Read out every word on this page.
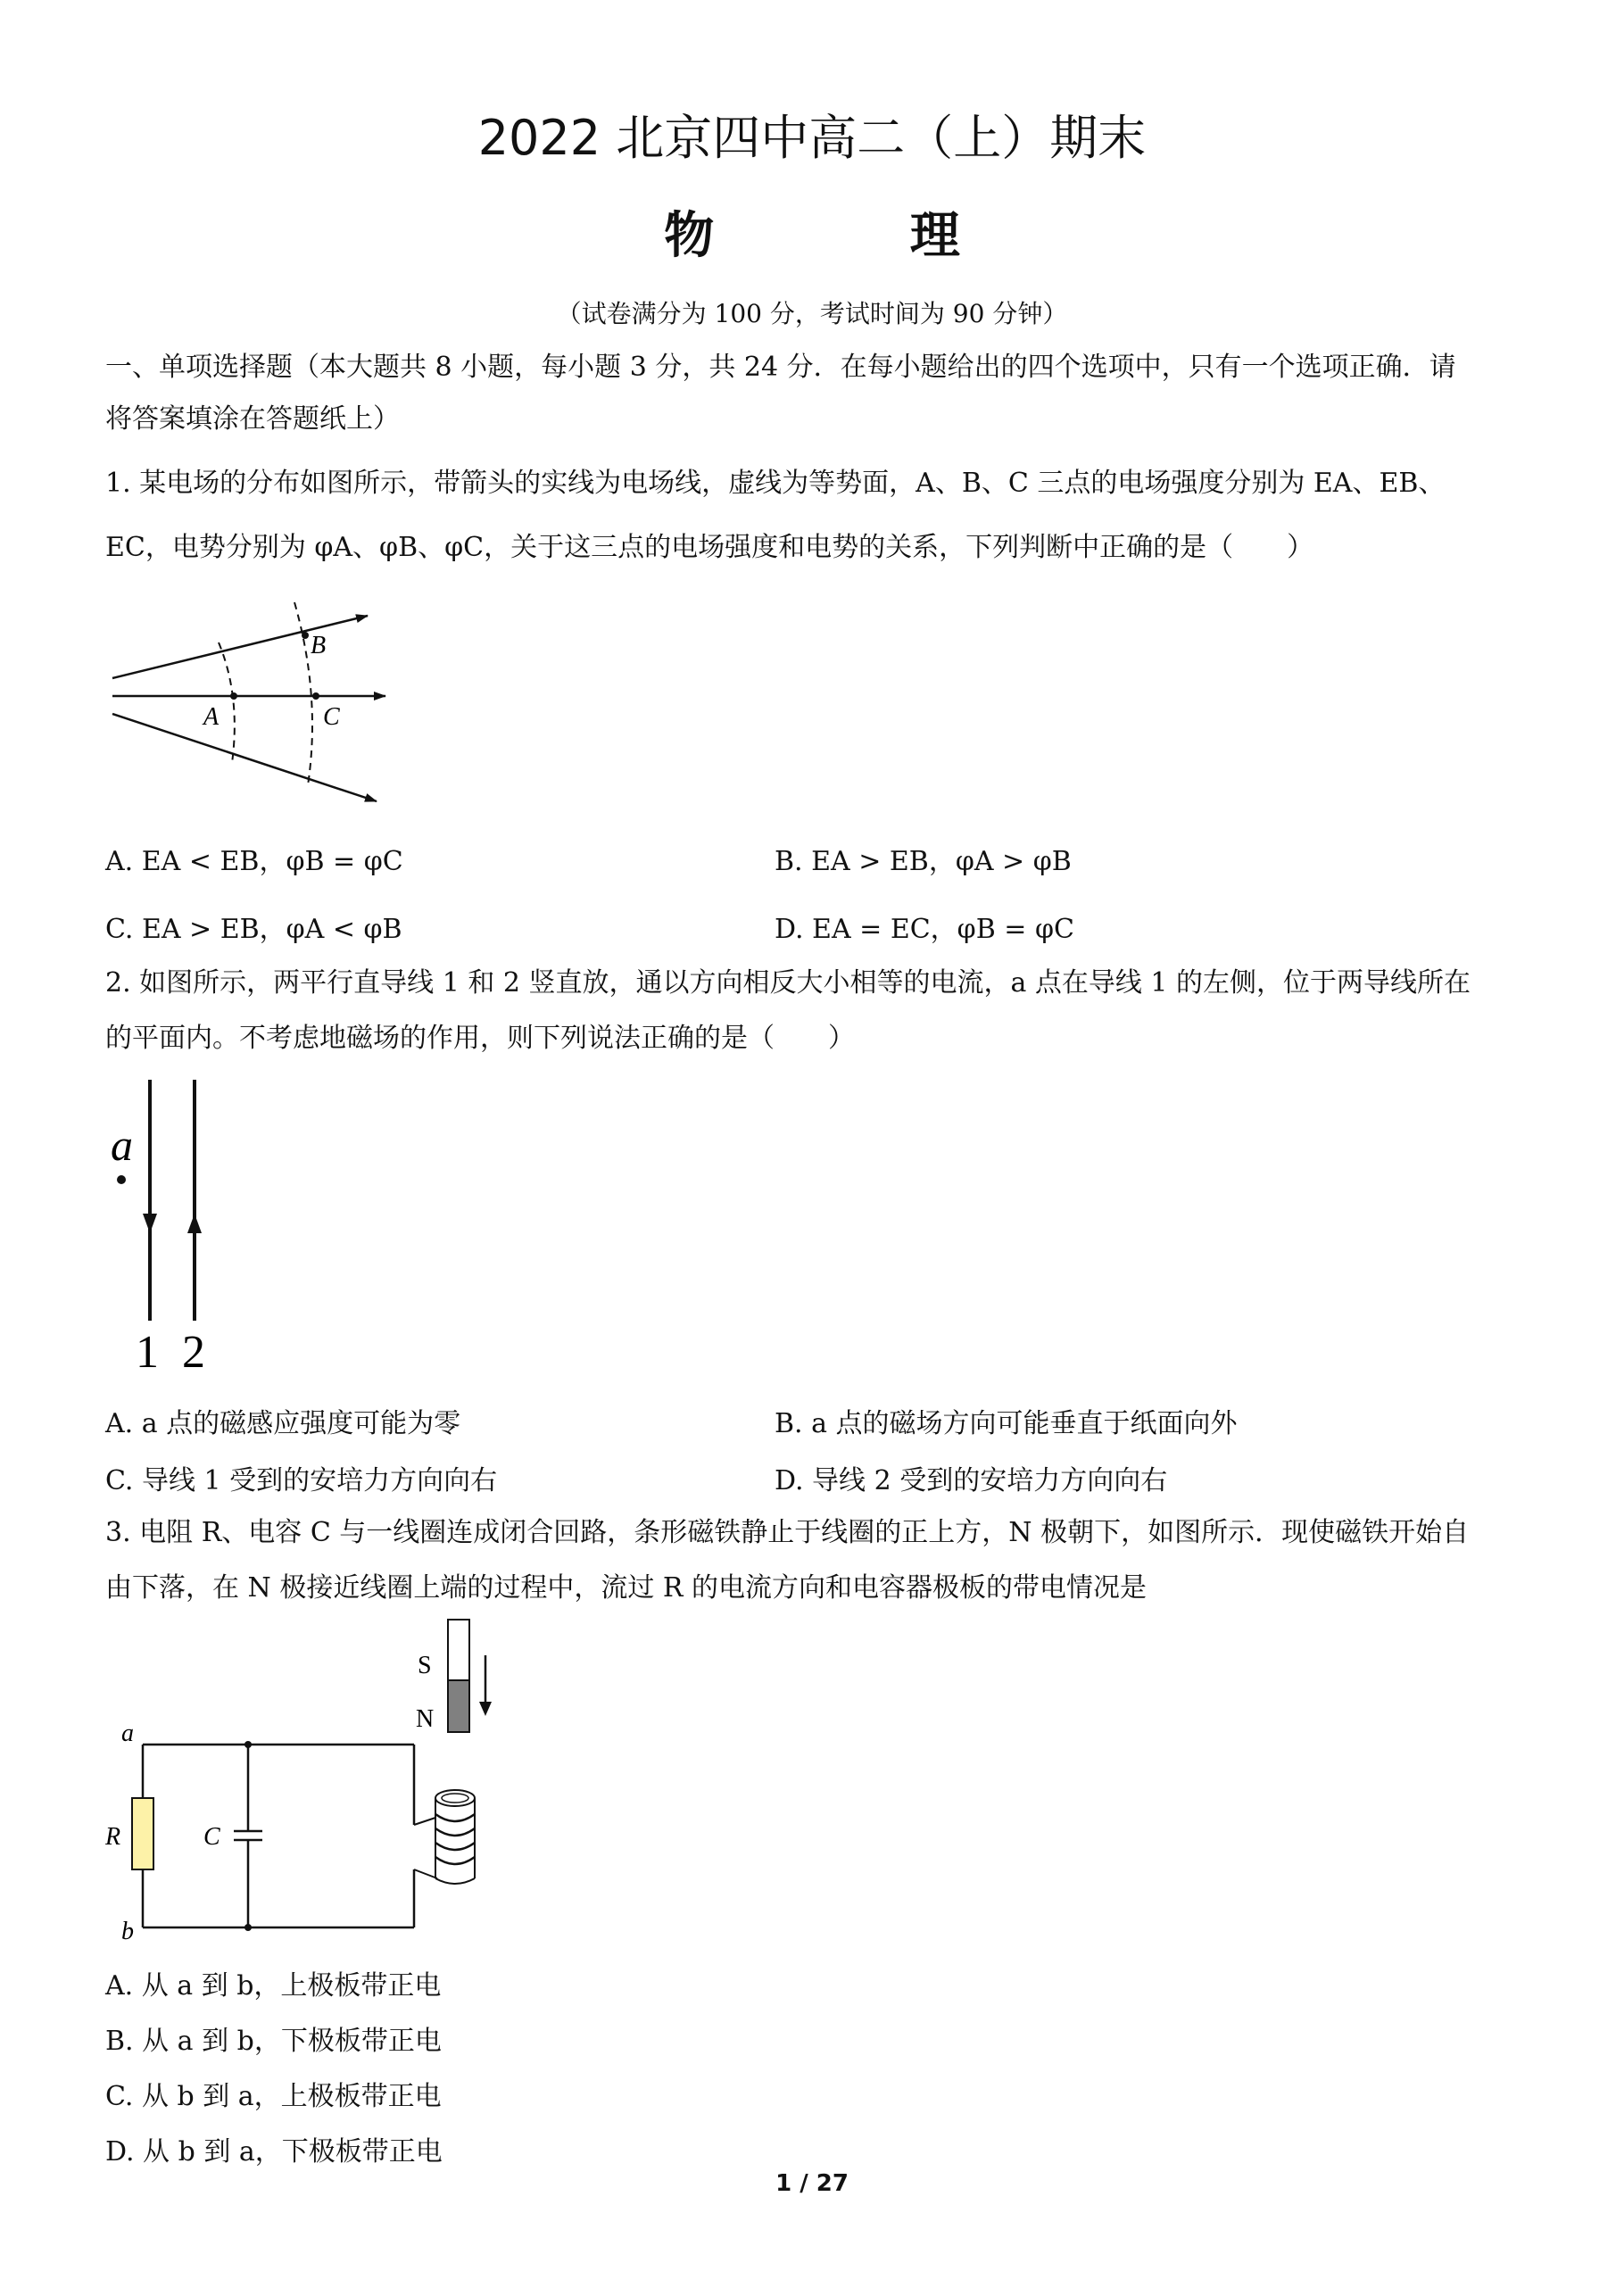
2022 北京四中高二（上）期末
物 理
（试卷满分为 100 分，考试时间为 90 分钟）
一、单项选择题（本大题共 8 小题，每小题 3 分，共 24 分．在每小题给出的四个选项中，只有一个选项正确．请
将答案填涂在答题纸上）
1. 某电场的分布如图所示，带箭头的实线为电场线，虚线为等势面，A、B、C 三点的电场强度分别为 EA、EB、
EC，电势分别为 φA、φB、φC，关于这三点的电场强度和电势的关系，下列判断中正确的是（　　）
A	C
B
A. EA < EB，φB = φC	B. EA > EB，φA > φB
C. EA > EB，φA < φB	D. EA = EC，φB = φC
2. 如图所示，两平行直导线 1 和 2 竖直放，通以方向相反大小相等的电流，a 点在导线 1 的左侧，位于两导线所在
的平面内。不考虑地磁场的作用，则下列说法正确的是（　　）
a
1 2
A. a 点的磁感应强度可能为零	B. a 点的磁场方向可能垂直于纸面向外
C. 导线 1 受到的安培力方向向右	D. 导线 2 受到的安培力方向向右
3. 电阻 R、电容 C 与一线圈连成闭合回路，条形磁铁静止于线圈的正上方，N 极朝下，如图所示．现使磁铁开始自
由下落，在 N 极接近线圈上端的过程中，流过 R 的电流方向和电容器极板的带电情况是
S
N
R
a
b
C
A. 从 a 到 b，上极板带正电
B. 从 a 到 b，下极板带正电
C. 从 b 到 a，上极板带正电
D. 从 b 到 a，下极板带正电
1 / 27
